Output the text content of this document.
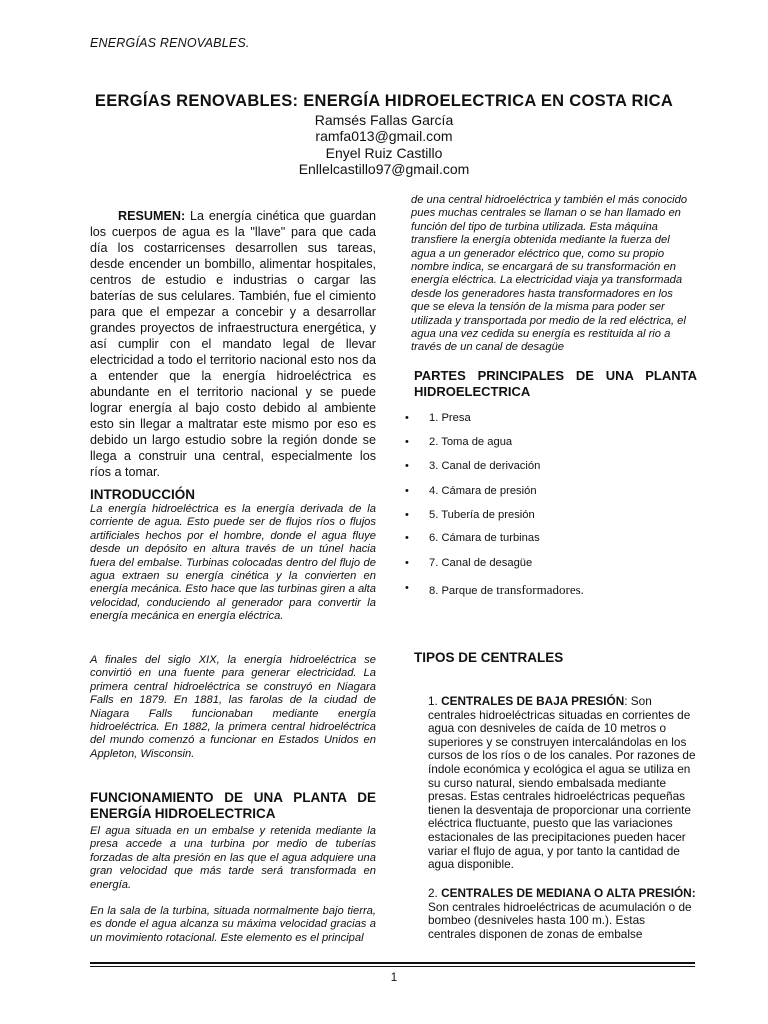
ENERGÍAS RENOVABLES.
EERGÍAS RENOVABLES: ENERGÍA HIDROELECTRICA EN COSTA RICA
Ramsés Fallas García
ramfa013@gmail.com
Enyel Ruiz Castillo
Enllelcastillo97@gmail.com
RESUMEN: La energía cinética que guardan los cuerpos de agua es la "llave" para que cada día los costarricenses desarrollen sus tareas, desde encender un bombillo, alimentar hospitales, centros de estudio e industrias o cargar las baterías de sus celulares. También, fue el cimiento para que el empezar a concebir y a desarrollar grandes proyectos de infraestructura energética, y así cumplir con el mandato legal de llevar electricidad a todo el territorio nacional esto nos da a entender que la energía hidroeléctrica es abundante en el territorio nacional y se puede lograr energía al bajo costo debido al ambiente esto sin llegar a maltratar este mismo por eso es debido un largo estudio sobre la región donde se llega a construir una central, especialmente los ríos a tomar.
INTRODUCCIÓN
La energía hidroeléctrica es la energía derivada de la corriente de agua. Esto puede ser de flujos ríos o flujos artificiales hechos por el hombre, donde el agua fluye desde un depósito en altura través de un túnel hacia fuera del embalse. Turbinas colocadas dentro del flujo de agua extraen su energía cinética y la convierten en energía mecánica. Esto hace que las turbinas giren a alta velocidad, conduciendo al generador para convertir la energía mecánica en energía eléctrica.
A finales del siglo XIX, la energía hidroeléctrica se convirtió en una fuente para generar electricidad. La primera central hidroeléctrica se construyó en Niagara Falls en 1879. En 1881, las farolas de la ciudad de Niagara Falls funcionaban mediante energía hidroeléctrica. En 1882, la primera central hidroeléctrica del mundo comenzó a funcionar en Estados Unidos en Appleton, Wisconsin.
FUNCIONAMIENTO DE UNA PLANTA DE ENERGÍA HIDROELECTRICA
El agua situada en un embalse y retenida mediante la presa accede a una turbina por medio de tuberías forzadas de alta presión en las que el agua adquiere una gran velocidad que más tarde será transformada en energía.
En la sala de la turbina, situada normalmente bajo tierra, es donde el agua alcanza su máxima velocidad gracias a un movimiento rotacional. Este elemento es el principal
de una central hidroeléctrica y también el más conocido pues muchas centrales se llaman o se han llamado en función del tipo de turbina utilizada. Esta máquina transfiere la energía obtenida mediante la fuerza del agua a un generador eléctrico que, como su propio nombre indica, se encargará de su transformación en energía eléctrica. La electricidad viaja ya transformada desde los generadores hasta transformadores en los que se eleva la tensión de la misma para poder ser utilizada y transportada por medio de la red eléctrica, el agua una vez cedida su energía es restituida al rio a través de un canal de desagüe
PARTES PRINCIPALES DE UNA PLANTA HIDROELECTRICA
• 1. Presa
• 2. Toma de agua
• 3. Canal de derivación
• 4. Cámara de presión
• 5. Tubería de presión
• 6. Cámara de turbinas
• 7. Canal de desagüe
• 8. Parque de transformadores.
TIPOS DE CENTRALES
1. CENTRALES DE BAJA PRESIÓN: Son centrales hidroeléctricas situadas en corrientes de agua con desniveles de caída de 10 metros o superiores y se construyen intercalándolas en los cursos de los ríos o de los canales. Por razones de índole económica y ecológica el agua se utiliza en su curso natural, siendo embalsada mediante presas. Estas centrales hidroeléctricas pequeñas tienen la desventaja de proporcionar una corriente eléctrica fluctuante, puesto que las variaciones estacionales de las precipitaciones pueden hacer variar el flujo de agua, y por tanto la cantidad de agua disponible.
2. CENTRALES DE MEDIANA O ALTA PRESIÓN: Son centrales hidroeléctricas de acumulación o de bombeo (desniveles hasta 100 m.). Estas centrales disponen de zonas de embalse
1
